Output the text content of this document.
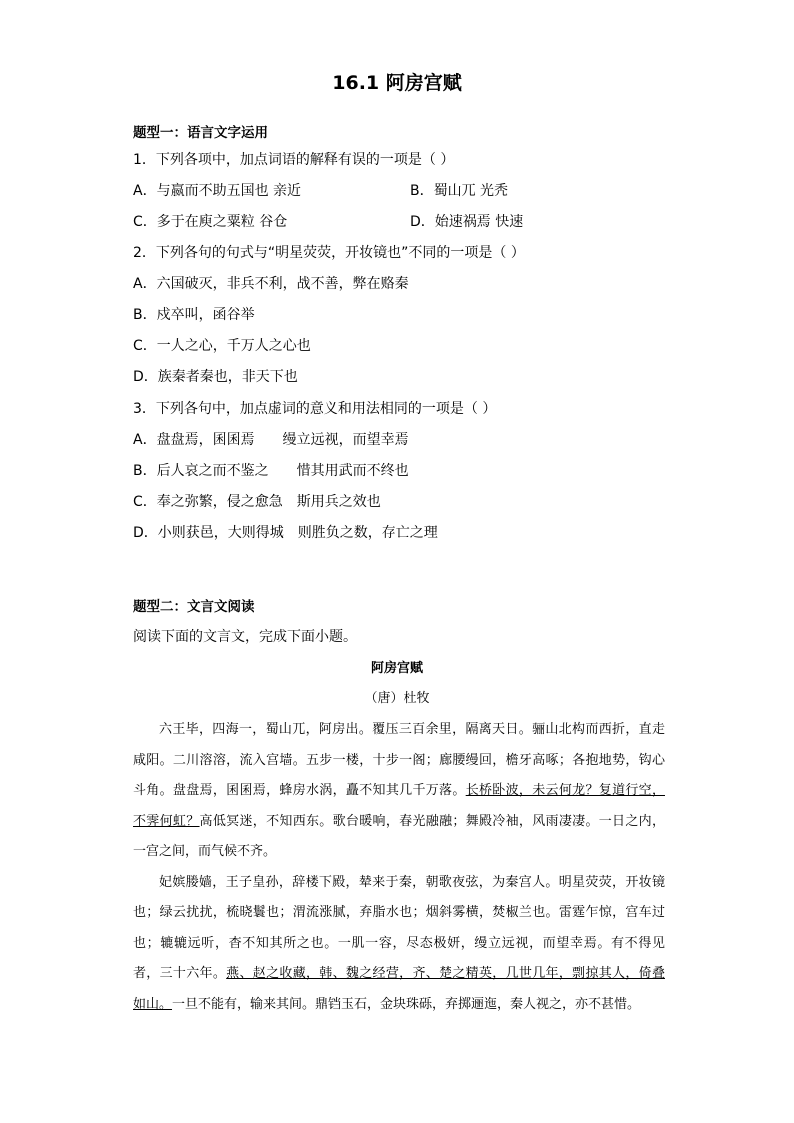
16.1 阿房宫赋
题型一：语言文字运用
1．下列各项中，加点词语的解释有误的一项是（ ）
A．与嬴而不助五国也 亲近	B．蜀山兀 光秃
C．多于在庾之粟粒 谷仓	D．始速祸焉 快速
2．下列各句的句式与“明星荧荧，开妆镜也”不同的一项是（ ）
A．六国破灭，非兵不利，战不善，弊在赂秦
B．戍卒叫，函谷举
C．一人之心，千万人之心也
D．族秦者秦也，非天下也
3．下列各句中，加点虚词的意义和用法相同的一项是（ ）
A．盘盘焉，囷囷焉 缦立远视，而望幸焉
B．后人哀之而不鉴之 惜其用武而不终也
C．奉之弥繁，侵之愈急 斯用兵之效也
D．小则获邑，大则得城 则胜负之数，存亡之理
题型二：文言文阅读
阅读下面的文言文，完成下面小题。
阿房宫赋
（唐）杜牧

六王毕，四海一，蜀山兀，阿房出。覆压三百余里，隔离天日。骊山北构而西折，直走咸阳。二川溶溶，流入宫墙。五步一楼，十步一阁；廊腰缦回，檐牙高啄；各抱地势，钩心斗角。盘盘焉，囷囷焉，蜂房水涡，矗不知其几千万落。长桥卧波，未云何龙？复道行空，不霁何虹？高低冥迷，不知西东。歌台暖响，春光融融；舞殿冷袖，风雨凄凄。一日之内，一宫之间，而气候不齐。

妃嫔媵嫱，王子皇孙，辞楼下殿，辇来于秦，朝歌夜弦，为秦宫人。明星荧荧，开妆镜也；绿云扰扰，梳晓鬟也；渭流涨腻，弃脂水也；烟斜雾横，焚椒兰也。雷霆乍惊，宫车过也；辘辘远听，杳不知其所之也。一肌一容，尽态极妍，缦立远视，而望幸焉。有不得见者，三十六年。燕、赵之收藏，韩、魏之经营，齐、楚之精英，几世几年，剽掠其人，倚叠如山。一旦不能有，输来其间。鼎铛玉石，金块珠砾，弃掷逦迤，秦人视之，亦不甚惜。
